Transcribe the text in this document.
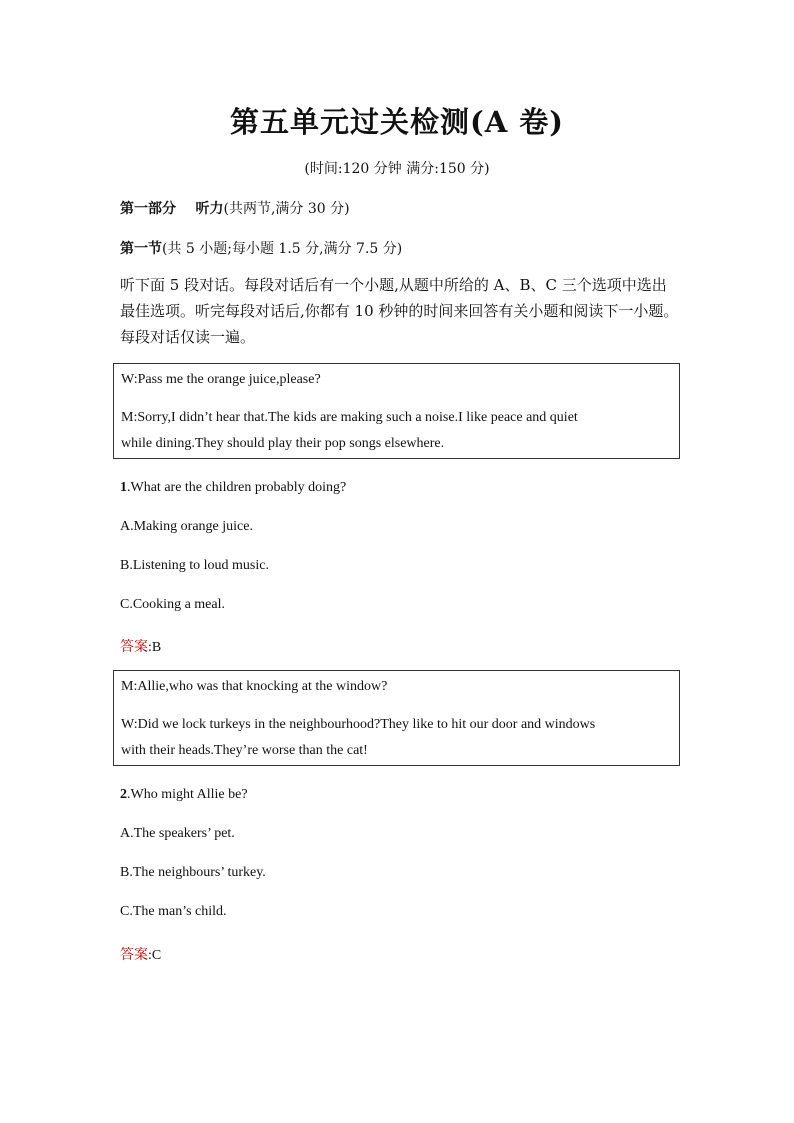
第五单元过关检测(A 卷)
(时间:120 分钟 满分:150 分)
第一部分 听力(共两节,满分 30 分)
第一节(共 5 小题;每小题 1.5 分,满分 7.5 分)
听下面 5 段对话。每段对话后有一个小题,从题中所给的 A、B、C 三个选项中选出最佳选项。听完每段对话后,你都有 10 秒钟的时间来回答有关小题和阅读下一小题。每段对话仅读一遍。
W:Pass me the orange juice,please?
M:Sorry,I didn’t hear that.The kids are making such a noise.I like peace and quiet
while dining.They should play their pop songs elsewhere.
1.What are the children probably doing?
A.Making orange juice.
B.Listening to loud music.
C.Cooking a meal.
答案:B
M:Allie,who was that knocking at the window?
W:Did we lock turkeys in the neighbourhood?They like to hit our door and windows
with their heads.They’re worse than the cat!
2.Who might Allie be?
A.The speakers’ pet.
B.The neighbours’ turkey.
C.The man’s child.
答案:C
